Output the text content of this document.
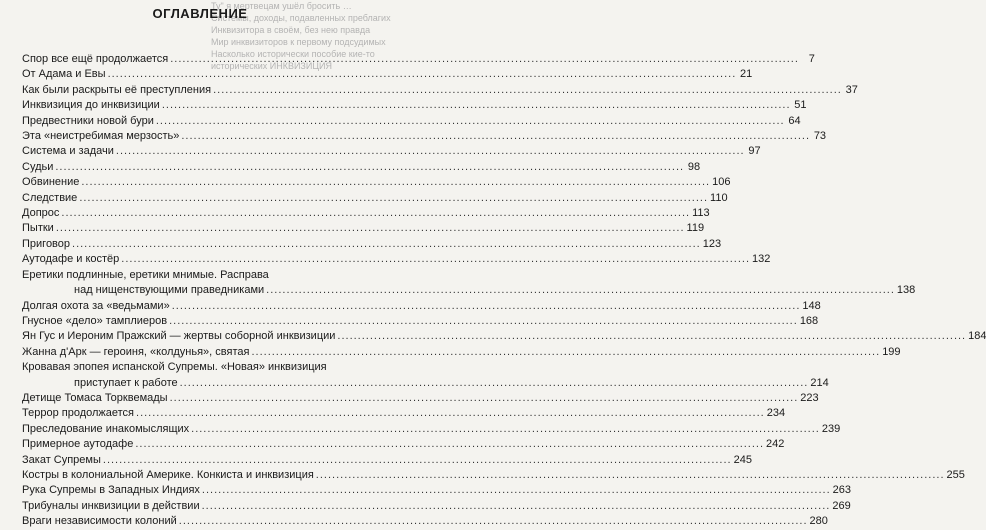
Ту" я мертвецам ушёл бросить …
Системы, доходы, подавленных преблагих
Инквизитора в своём, без нею правда
Мир инквизиторов к первому подсудимых
Насколько исторически пособие кие-то
исторических ИНКВИЗИЦИЯ
ОГЛАВЛЕНИЕ
Спор все ещё продолжается .....	7
От Адама и Евы .....	21
Как были раскрыты её преступления .....	37
Инквизиция до инквизиции .....	51
Предвестники новой бури .....	64
Эта «неистребимая мерзость» .....	73
Система и задачи .....	97
Судьи .....	98
Обвинение .....	106
Следствие .....	110
Допрос .....	113
Пытки .....	119
Приговор .....	123
Аутодафе и костёр .....	132
Еретики подлинные, еретики мнимые. Расправа
над нищенствующими праведниками .....	138
Долгая охота за «ведьмами» .....	148
Гнусное «дело» тамплиеров .....	168
Ян Гус и Иероним Пражский — жертвы соборной инквизиции .....	184
Жанна д'Арк — героиня, «колдунья», святая .....	199
Кровавая эпопея испанской Супремы. «Новая» инквизиция
приступает к работе .....	214
Детище Томаса Торквемады .....	223
Террор продолжается .....	234
Преследование инакомыслящих .....	239
Примерное аутодафе .....	242
Закат Супремы .....	245
Костры в колониальной Америке. Конкиста и инквизиция .....	255
Рука Супремы в Западных Индиях .....	263
Трибуналы инквизиции в действии .....	269
Враги независимости колоний .....	280
